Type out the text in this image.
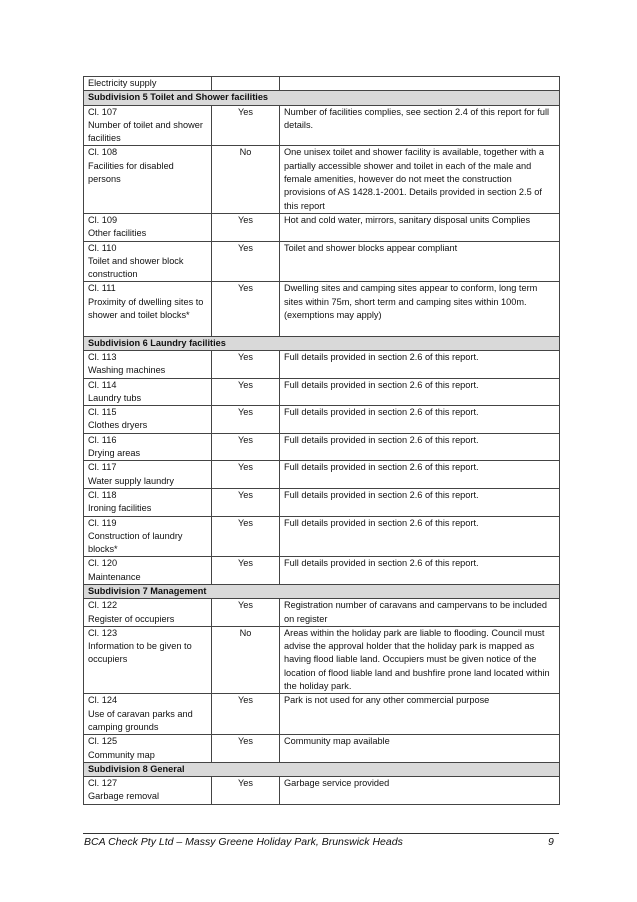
Electricity supply		

Subdivision 5 Toilet and Shower facilities		

Cl. 107
Number of toilet and shower facilities	Yes	Number of facilities complies, see section 2.4 of this report for full details.

Cl. 108
Facilities for disabled persons	No	One unisex toilet and shower facility is available, together with a partially accessible shower and toilet in each of the male and female amenities, however do not meet the construction provisions of AS 1428.1-2001. Details provided in section 2.5 of this report

Cl. 109
Other facilities	Yes	Hot and cold water, mirrors, sanitary disposal units Complies

Cl. 110
Toilet and shower block construction	Yes	Toilet and shower blocks appear compliant

Cl. 111
Proximity of dwelling sites to shower and toilet blocks*	Yes	Dwelling sites and camping sites appear to conform, long term sites within 75m, short term and camping sites within 100m.
(exemptions may apply)

Subdivision 6 Laundry facilities		

Cl. 113
Washing machines	Yes	Full details provided in section 2.6 of this report.

Cl. 114
Laundry tubs	Yes	Full details provided in section 2.6 of this report.

Cl. 115
Clothes dryers	Yes	Full details provided in section 2.6 of this report.

Cl. 116
Drying areas	Yes	Full details provided in section 2.6 of this report.

Cl. 117
Water supply laundry	Yes	Full details provided in section 2.6 of this report.

Cl. 118
Ironing facilities	Yes	Full details provided in section 2.6 of this report.

Cl. 119
Construction of laundry blocks*	Yes	Full details provided in section 2.6 of this report.

Cl. 120
Maintenance	Yes	Full details provided in section 2.6 of this report.

Subdivision 7 Management		

Cl. 122
Register of occupiers	Yes	Registration number of caravans and campervans to be included on register

Cl. 123
Information to be given to occupiers	No	Areas within the holiday park are liable to flooding. Council must advise the approval holder that the holiday park is mapped as having flood liable land. Occupiers must be given notice of the location of flood liable land and bushfire prone land located within the holiday park.

Cl. 124
Use of caravan parks and camping grounds	Yes	Park is not used for any other commercial purpose

Cl. 125
Community map	Yes	Community map available

Subdivision 8 General		

Cl. 127
Garbage removal	Yes	Garbage service provided
BCA Check Pty Ltd – Massy Greene Holiday Park, Brunswick Heads	9
